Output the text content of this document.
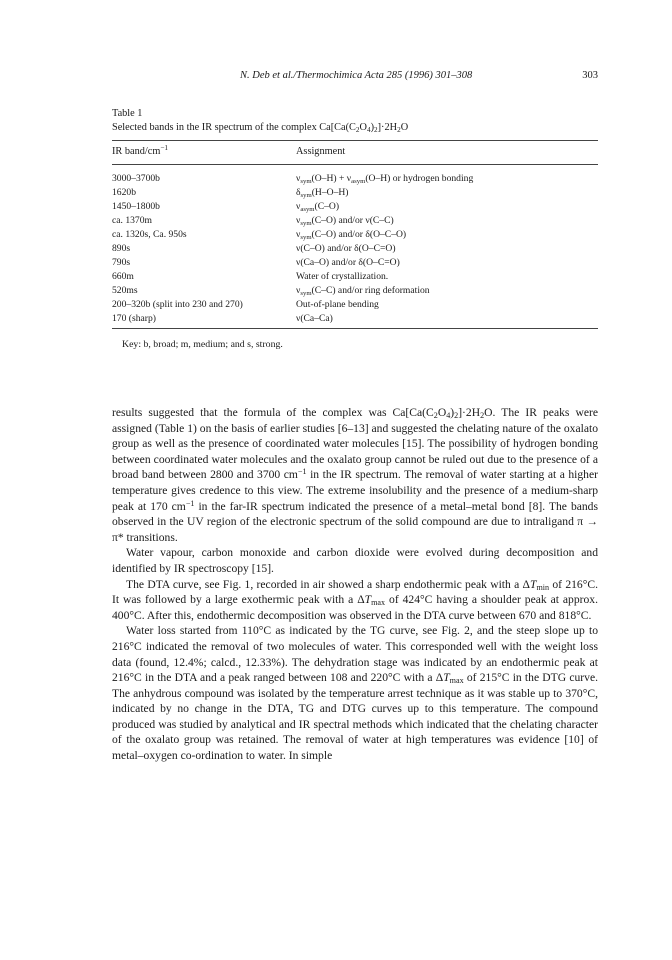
N. Deb et al./Thermochimica Acta 285 (1996) 301–308	303
Table 1
Selected bands in the IR spectrum of the complex $Ca[Ca(C_2O_4)_2]\cdot 2H_2O$
IR band/$cm^{-1}$	Assignment
3000–3700b	$\nu_{sym}(O-H) + \nu_{asym}(O-H)$ or hydrogen bonding
1620b	$\delta_{sym}(H-O-H)$
1450–1800b	$\nu_{asym}(C-O)$
ca. 1370m	$\nu_{sym}(C-O)$ and/or ν(C–C)
ca. 1320s, Ca. 950s	$\nu_{sym}(C-O)$ and/or δ(O–C–O)
890s	ν(C–O) and/or δ(O–C=O)
790s	ν(Ca–O) and/or δ(O–C=O)
660m	Water of crystallization.
520ms	$\nu_{sym}(C-C)$ and/or ring deformation
200–320b (split into 230 and 270)	Out-of-plane bending
170 (sharp)	ν(Ca–Ca)
Key: b, broad; m, medium; and s, strong.

results suggested that the formula of the complex was $Ca[Ca(C_2O_4)_2]\cdot 2H_2O$. The IR peaks were assigned (Table 1) on the basis of earlier studies [6–13] and suggested the chelating nature of the oxalato group as well as the presence of coordinated water molecules [15]. The possibility of hydrogen bonding between coordinated water molecules and the oxalato group cannot be ruled out due to the presence of a broad band between 2800 and 3700 $cm^{-1}$ in the IR spectrum. The removal of water starting at a higher temperature gives credence to this view. The extreme insolubility and the presence of a medium-sharp peak at 170 $cm^{-1}$ in the far-IR spectrum indicated the presence of a metal–metal bond [8]. The bands observed in the UV region of the electronic spectrum of the solid compound are due to intraligand π → π* transitions.

Water vapour, carbon monoxide and carbon dioxide were evolved during decomposition and identified by IR spectroscopy [15].

The DTA curve, see Fig. 1, recorded in air showed a sharp endothermic peak with a $\Delta T_{min}$ of 216°C. It was followed by a large exothermic peak with a $\Delta T_{max}$ of 424°C having a shoulder peak at approx. 400°C. After this, endothermic decomposition was observed in the DTA curve between 670 and 818°C.

Water loss started from 110°C as indicated by the TG curve, see Fig. 2, and the steep slope up to 216°C indicated the removal of two molecules of water. This corresponded well with the weight loss data (found, 12.4%; calcd., 12.33%). The dehydration stage was indicated by an endothermic peak at 216°C in the DTA and a peak ranged between 108 and 220°C with a $\Delta T_{max}$ of 215°C in the DTG curve. The anhydrous compound was isolated by the temperature arrest technique as it was stable up to 370°C, indicated by no change in the DTA, TG and DTG curves up to this temperature. The compound produced was studied by analytical and IR spectral methods which indicated that the chelating character of the oxalato group was retained. The removal of water at high temperatures was evidence [10] of metal–oxygen co-ordination to water. In simple
